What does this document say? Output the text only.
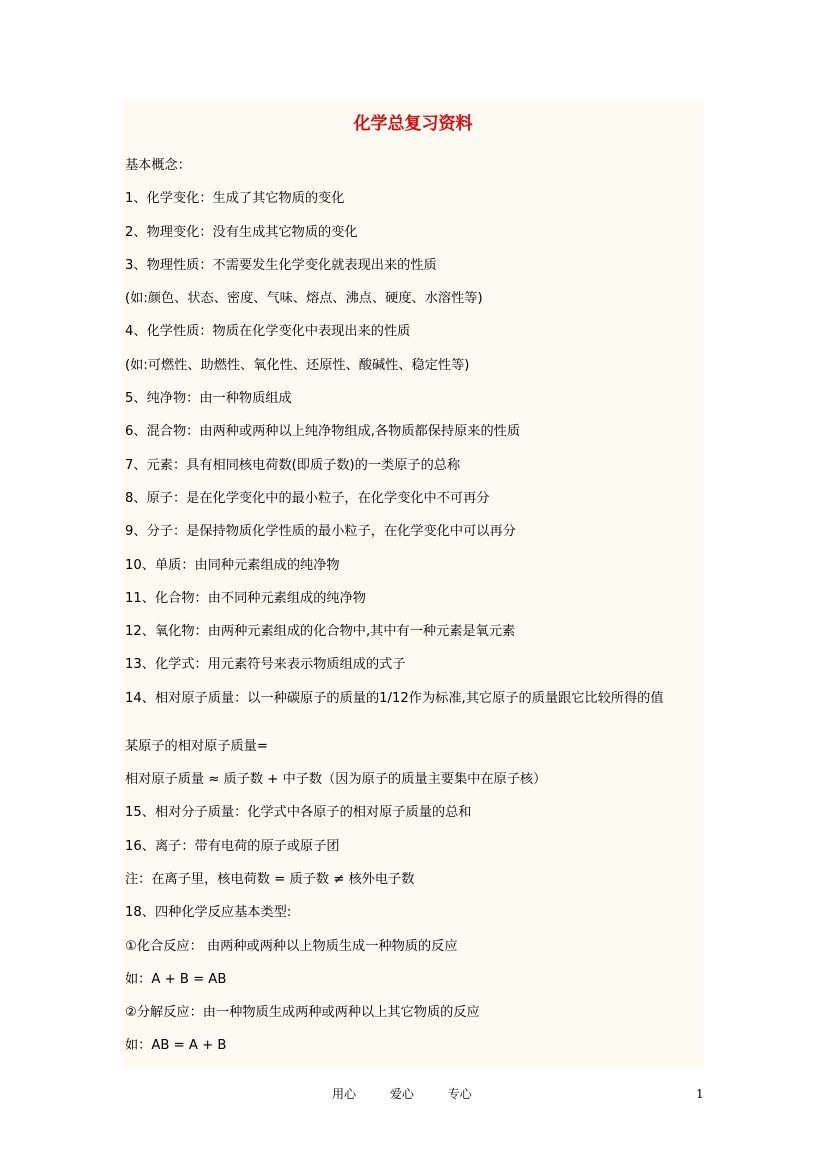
化学总复习资料
基本概念：
1、化学变化：生成了其它物质的变化
2、物理变化：没有生成其它物质的变化
3、物理性质：不需要发生化学变化就表现出来的性质
(如:颜色、状态、密度、气味、熔点、沸点、硬度、水溶性等)
4、化学性质：物质在化学变化中表现出来的性质
(如:可燃性、助燃性、氧化性、还原性、酸碱性、稳定性等)
5、纯净物：由一种物质组成
6、混合物：由两种或两种以上纯净物组成,各物质都保持原来的性质
7、元素：具有相同核电荷数(即质子数)的一类原子的总称
8、原子：是在化学变化中的最小粒子，在化学变化中不可再分
9、分子：是保持物质化学性质的最小粒子，在化学变化中可以再分
10、单质：由同种元素组成的纯净物
11、化合物：由不同种元素组成的纯净物
12、氧化物：由两种元素组成的化合物中,其中有一种元素是氧元素
13、化学式：用元素符号来表示物质组成的式子
14、相对原子质量：以一种碳原子的质量的1/12作为标准,其它原子的质量跟它比较所得的值
某原子的相对原子质量=
相对原子质量 ≈ 质子数 + 中子数（因为原子的质量主要集中在原子核）
15、相对分子质量：化学式中各原子的相对原子质量的总和
16、离子：带有电荷的原子或原子团
注：在离子里，核电荷数 = 质子数 ≠ 核外电子数
18、四种化学反应基本类型:
①化合反应： 由两种或两种以上物质生成一种物质的反应
如：A + B = AB
②分解反应：由一种物质生成两种或两种以上其它物质的反应
如：AB = A + B
用心	爱心	专心	1
